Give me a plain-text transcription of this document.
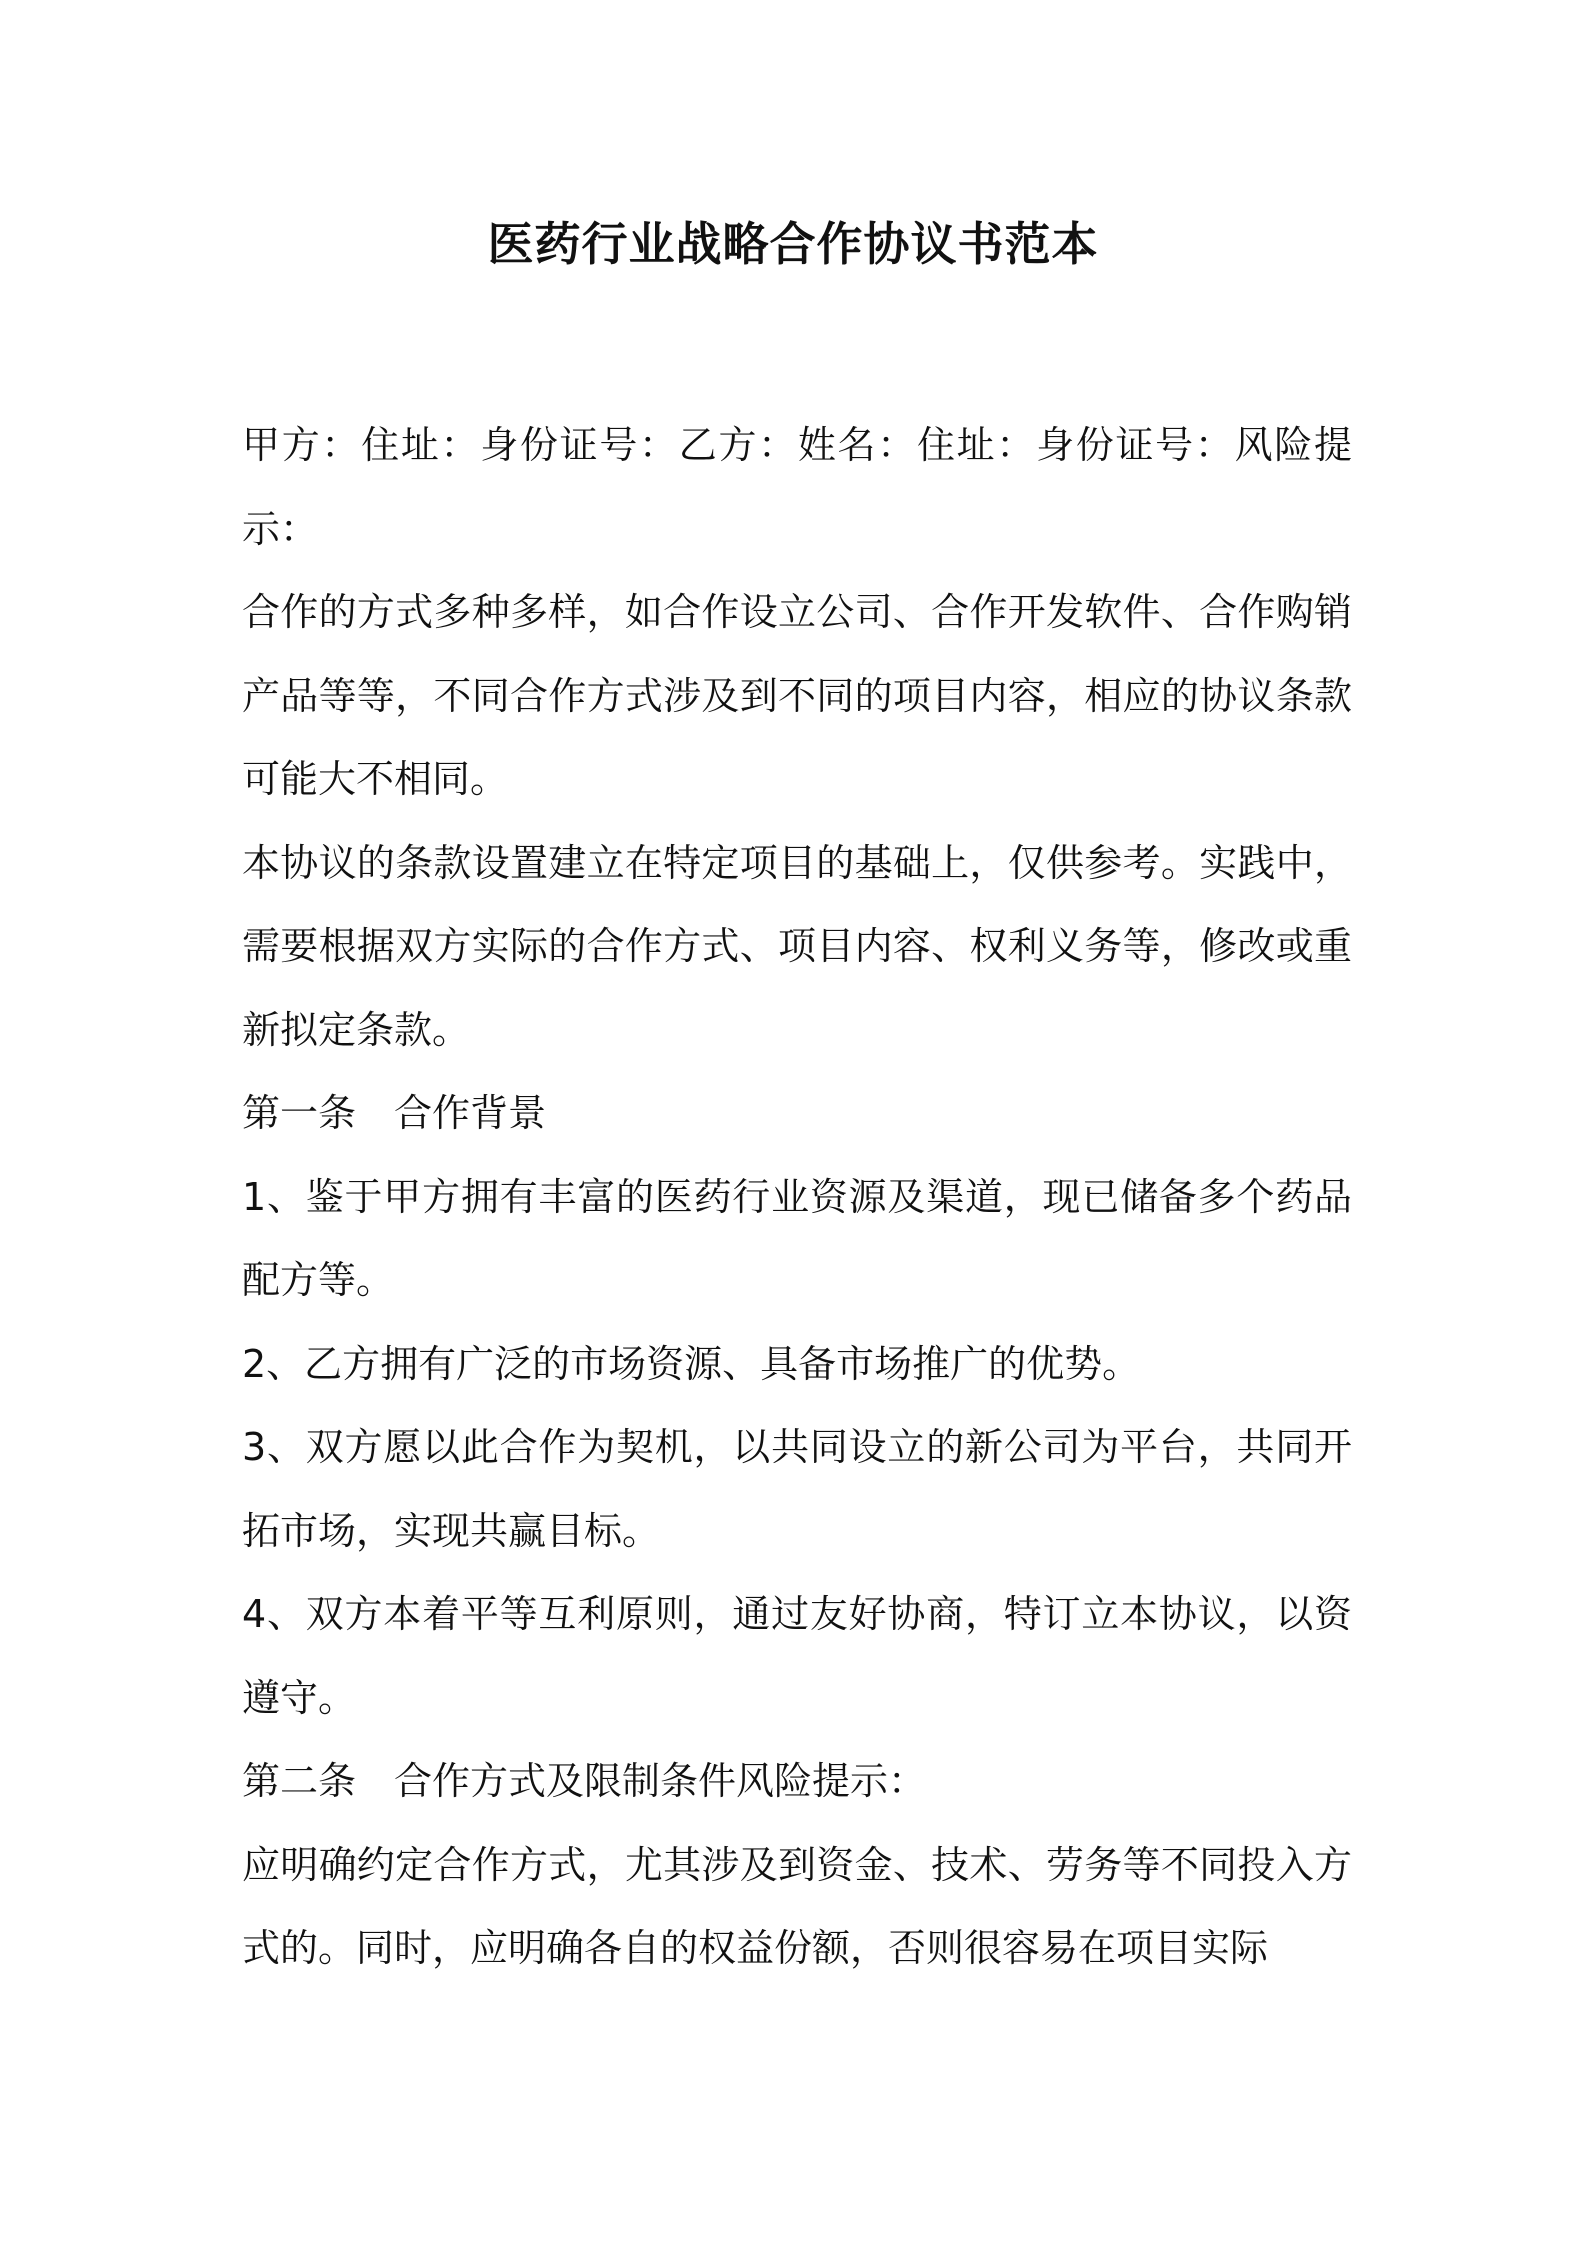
医药行业战略合作协议书范本

甲方：住址：身份证号：乙方：姓名：住址：身份证号：风险提示：

合作的方式多种多样，如合作设立公司、合作开发软件、合作购销产品等等，不同合作方式涉及到不同的项目内容，相应的协议条款可能大不相同。

本协议的条款设置建立在特定项目的基础上，仅供参考。实践中，需要根据双方实际的合作方式、项目内容、权利义务等，修改或重新拟定条款。

第一条　合作背景

1、鉴于甲方拥有丰富的医药行业资源及渠道，现已储备多个药品配方等。

2、乙方拥有广泛的市场资源、具备市场推广的优势。

3、双方愿以此合作为契机，以共同设立的新公司为平台，共同开拓市场，实现共赢目标。

4、双方本着平等互利原则，通过友好协商，特订立本协议，以资遵守。

第二条　合作方式及限制条件风险提示：

应明确约定合作方式，尤其涉及到资金、技术、劳务等不同投入方式的。同时，应明确各自的权益份额，否则很容易在项目实际
